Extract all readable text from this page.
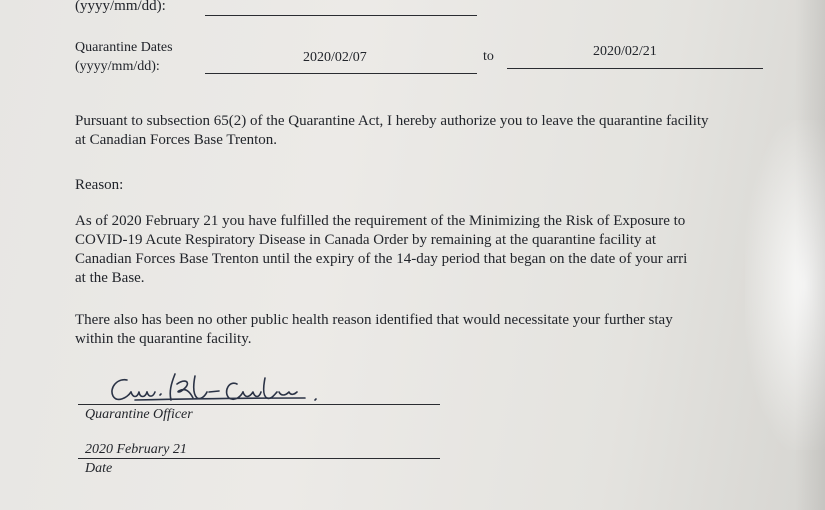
(yyyy/mm/dd):
Quarantine Dates
(yyyy/mm/dd):
2020/02/07	to	2020/02/21
Pursuant to subsection 65(2) of the Quarantine Act, I hereby authorize you to leave the quarantine facility
at Canadian Forces Base Trenton.
Reason:
As of 2020 February 21 you have fulfilled the requirement of the Minimizing the Risk of Exposure to
COVID-19 Acute Respiratory Disease in Canada Order by remaining at the quarantine facility at
Canadian Forces Base Trenton until the expiry of the 14-day period that began on the date of your arri
at the Base.
There also has been no other public health reason identified that would necessitate your further stay
within the quarantine facility.
Quarantine Officer
2020 February 21
Date
